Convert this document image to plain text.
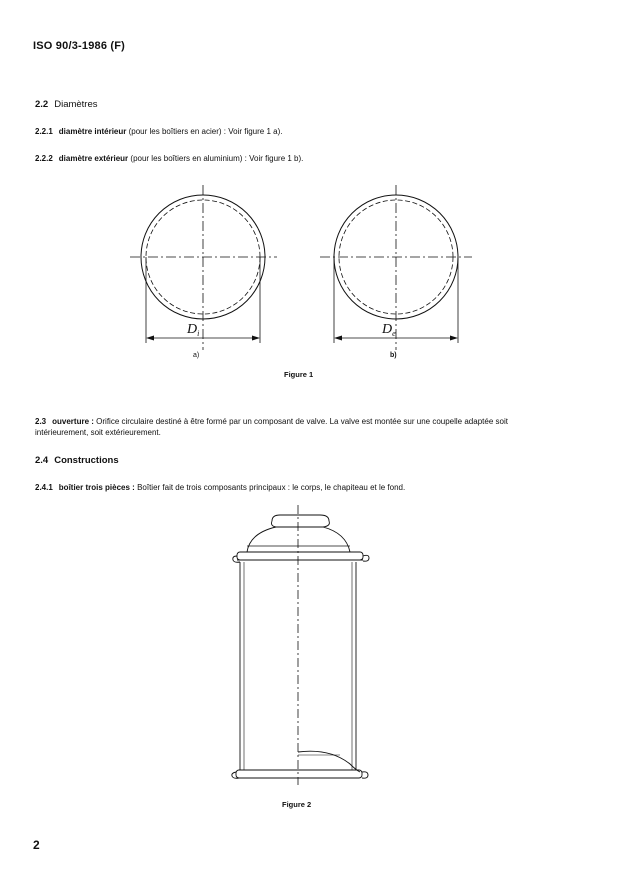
ISO 90/3-1986 (F)
2.2 Diamètres
2.2.1 diamètre intérieur (pour les boîtiers en acier) : Voir figure 1 a).
2.2.2 diamètre extérieur (pour les boîtiers en aluminium) : Voir figure 1 b).
$D_i$	$D_e$
a)	b)
Figure 1
2.3 ouverture : Orifice circulaire destiné à être formé par un composant de valve. La valve est montée sur une coupelle adaptée soit
intérieurement, soit extérieurement.
2.4 Constructions
2.4.1 boîtier trois pièces : Boîtier fait de trois composants principaux : le corps, le chapiteau et le fond.
Figure 2
2
